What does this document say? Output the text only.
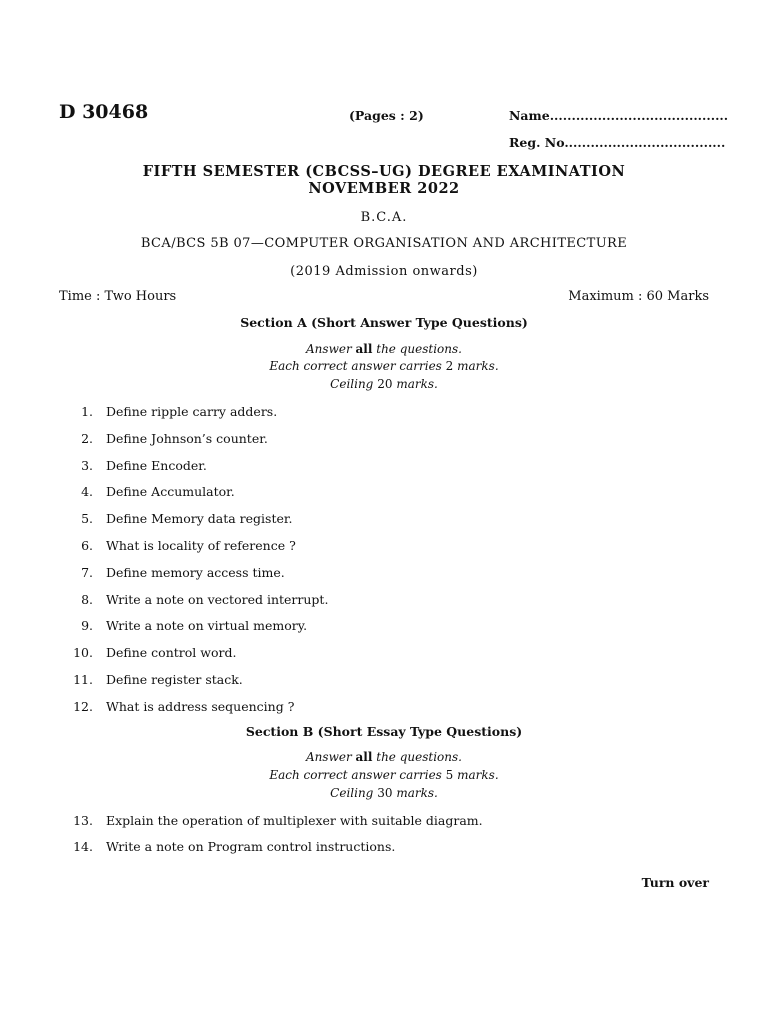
D 30468	(Pages : 2)	Name.........................................
Reg. No.....................................
FIFTH SEMESTER (CBCSS–UG) DEGREE EXAMINATION
NOVEMBER 2022
B.C.A.
BCA/BCS 5B 07—COMPUTER ORGANISATION AND ARCHITECTURE
(2019 Admission onwards)
Time : Two Hours	Maximum : 60 Marks
Section A (Short Answer Type Questions)
Answer all the questions.
Each correct answer carries 2 marks.
Ceiling 20 marks.
1. Define ripple carry adders.
2. Define Johnson’s counter.
3. Define Encoder.
4. Define Accumulator.
5. Define Memory data register.
6. What is locality of reference ?
7. Define memory access time.
8. Write a note on vectored interrupt.
9. Write a note on virtual memory.
10. Define control word.
11. Define register stack.
12. What is address sequencing ?
Section B (Short Essay Type Questions)
Answer all the questions.
Each correct answer carries 5 marks.
Ceiling 30 marks.
13. Explain the operation of multiplexer with suitable diagram.
14. Write a note on Program control instructions.
Turn over
